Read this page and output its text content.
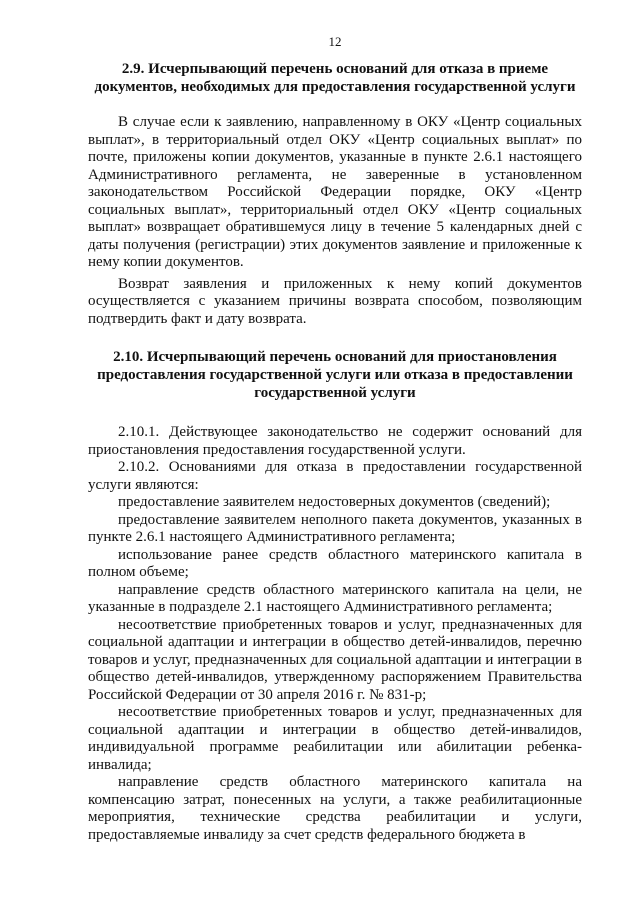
12
2.9. Исчерпывающий перечень оснований для отказа в приеме документов, необходимых для предоставления государственной услуги

В случае если к заявлению, направленному в ОКУ «Центр социальных выплат», в территориальный отдел ОКУ «Центр социальных выплат» по почте, приложены копии документов, указанные в пункте 2.6.1 настоящего Административного регламента, не заверенные в установленном законодательством Российской Федерации порядке, ОКУ «Центр социальных выплат», территориальный отдел ОКУ «Центр социальных выплат» возвращает обратившемуся лицу в течение 5 календарных дней с даты получения (регистрации) этих документов заявление и приложенные к нему копии документов.

Возврат заявления и приложенных к нему копий документов осуществляется с указанием причины возврата способом, позволяющим подтвердить факт и дату возврата.

2.10. Исчерпывающий перечень оснований для приостановления предоставления государственной услуги или отказа в предоставлении государственной услуги

2.10.1. Действующее законодательство не содержит оснований для приостановления предоставления государственной услуги.

2.10.2. Основаниями для отказа в предоставлении государственной услуги являются:

предоставление заявителем недостоверных документов (сведений);

предоставление заявителем неполного пакета документов, указанных в пункте 2.6.1 настоящего Административного регламента;

использование ранее средств областного материнского капитала в полном объеме;

направление средств областного материнского капитала на цели, не указанные в подразделе 2.1 настоящего Административного регламента;

несоответствие приобретенных товаров и услуг, предназначенных для социальной адаптации и интеграции в общество детей-инвалидов, перечню товаров и услуг, предназначенных для социальной адаптации и интеграции в общество детей-инвалидов, утвержденному распоряжением Правительства Российской Федерации от 30 апреля 2016 г. № 831-р;

несоответствие приобретенных товаров и услуг, предназначенных для социальной адаптации и интеграции в общество детей-инвалидов, индивидуальной программе реабилитации или абилитации ребенка-инвалида;

направление средств областного материнского капитала на компенсацию затрат, понесенных на услуги, а также реабилитационные мероприятия, технические средства реабилитации и услуги, предоставляемые инвалиду за счет средств федерального бюджета в
